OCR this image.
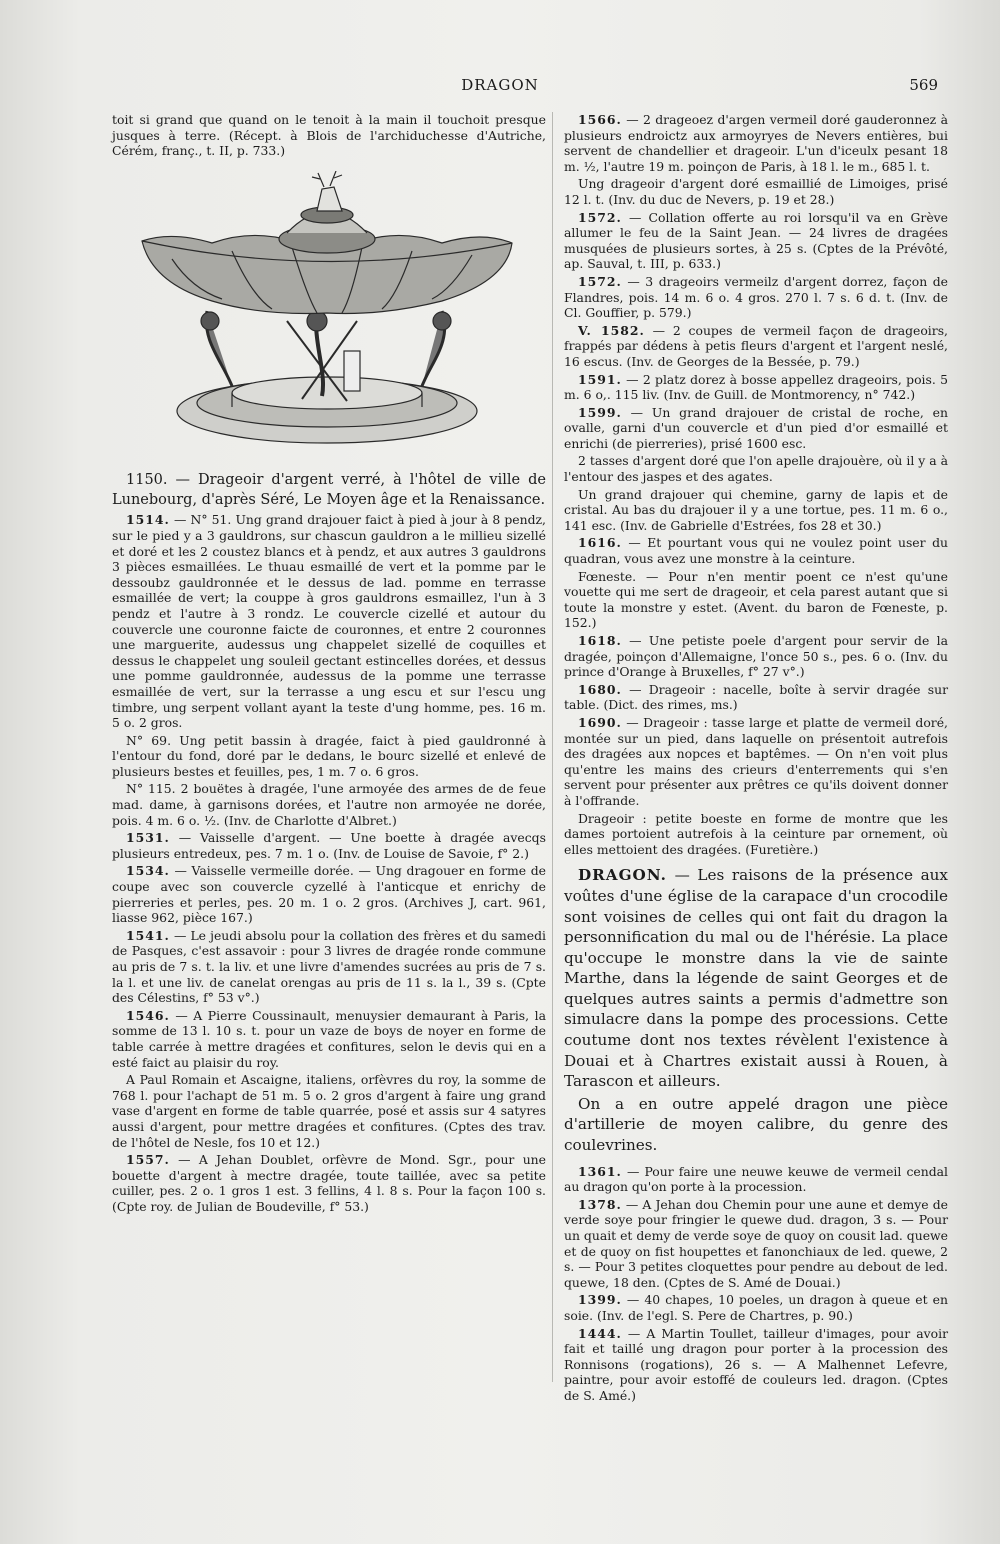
DRAGON	569

toit si grand que quand on le tenoit à la main il touchoit presque jusques à terre. (Récept. à Blois de l'archiduchesse d'Autriche, Cérém, franç., t. II, p. 733.)

1150. — Drageoir d'argent verré, à l'hôtel de ville de Lunebourg, d'après Séré, Le Moyen âge et la Renaissance.

1514. — N° 51. Ung grand drajouer faict à pied à jour à 8 pendz, sur le pied y a 3 gauldrons, sur chascun gauldron a le millieu sizellé et doré et les 2 coustez blancs et à pendz, et aux autres 3 gauldrons 3 pièces esmaillées. Le thuau esmaillé de vert et la pomme par le dessoubz gauldronnée et le dessus de lad. pomme en terrasse esmaillée de vert; la couppe à gros gauldrons esmaillez, l'un à 3 pendz et l'autre à 3 rondz. Le couvercle cizellé et autour du couvercle une couronne faicte de couronnes, et entre 2 couronnes une marguerite, audessus ung chappelet sizellé de coquilles et dessus le chappelet ung souleil gectant estincelles dorées, et dessus une pomme gauldronnée, audessus de la pomme une terrasse esmaillée de vert, sur la terrasse a ung escu et sur l'escu ung timbre, ung serpent vollant ayant la teste d'ung homme, pes. 16 m. 5 o. 2 gros.

N° 69. Ung petit bassin à dragée, faict à pied gauldronné à l'entour du fond, doré par le dedans, le bourc sizellé et enlevé de plusieurs bestes et feuilles, pes, 1 m. 7 o. 6 gros.

N° 115. 2 bouëtes à dragée, l'une armoyée des armes de de feue mad. dame, à garnisons dorées, et l'autre non armoyée ne dorée, pois. 4 m. 6 o. ½. (Inv. de Charlotte d'Albret.)

1531. — Vaisselle d'argent. — Une boette à dragée avecqs plusieurs entredeux, pes. 7 m. 1 o. (Inv. de Louise de Savoie, f° 2.)

1534. — Vaisselle vermeille dorée. — Ung dragouer en forme de coupe avec son couvercle cyzellé à l'anticque et enrichy de pierreries et perles, pes. 20 m. 1 o. 2 gros. (Archives J, cart. 961, liasse 962, pièce 167.)

1541. — Le jeudi absolu pour la collation des frères et du samedi de Pasques, c'est assavoir : pour 3 livres de dragée ronde commune au pris de 7 s. t. la liv. et une livre d'amendes sucrées au pris de 7 s. la l. et une liv. de canelat orengas au pris de 11 s. la l., 39 s. (Cpte des Célestins, f° 53 v°.)

1546. — A Pierre Coussinault, menuysier demaurant à Paris, la somme de 13 l. 10 s. t. pour un vaze de boys de noyer en forme de table carrée à mettre dragées et confitures, selon le devis qui en a esté faict au plaisir du roy.

A Paul Romain et Ascaigne, italiens, orfèvres du roy, la somme de 768 l. pour l'achapt de 51 m. 5 o. 2 gros d'argent à faire ung grand vase d'argent en forme de table quarrée, posé et assis sur 4 satyres aussi d'argent, pour mettre dragées et confitures. (Cptes des trav. de l'hôtel de Nesle, fos 10 et 12.)

1557. — A Jehan Doublet, orfèvre de Mond. Sgr., pour une bouette d'argent à mectre dragée, toute taillée, avec sa petite cuiller, pes. 2 o. 1 gros 1 est. 3 fellins, 4 l. 8 s. Pour la façon 100 s. (Cpte roy. de Julian de Boudeville, f° 53.)

1566. — 2 drageoez d'argen vermeil doré gauderonnez à plusieurs endroictz aux armoyryes de Nevers entières, bui servent de chandellier et drageoir. L'un d'iceulx pesant 18 m. ½, l'autre 19 m. poinçon de Paris, à 18 l. le m., 685 l. t.

Ung drageoir d'argent doré esmaillié de Limoiges, prisé 12 l. t. (Inv. du duc de Nevers, p. 19 et 28.)

1572. — Collation offerte au roi lorsqu'il va en Grève allumer le feu de la Saint Jean. — 24 livres de dragées musquées de plusieurs sortes, à 25 s. (Cptes de la Prévôté, ap. Sauval, t. III, p. 633.)

1572. — 3 drageoirs vermeilz d'argent dorrez, façon de Flandres, pois. 14 m. 6 o. 4 gros. 270 l. 7 s. 6 d. t. (Inv. de Cl. Gouffier, p. 579.)

V. 1582. — 2 coupes de vermeil façon de drageoirs, frappés par dédens à petis fleurs d'argent et l'argent neslé, 16 escus. (Inv. de Georges de la Bessée, p. 79.)

1591. — 2 platz dorez à bosse appellez drageoirs, pois. 5 m. 6 o,. 115 liv. (Inv. de Guill. de Montmorency, n° 742.)

1599. — Un grand drajouer de cristal de roche, en ovalle, garni d'un couvercle et d'un pied d'or esmaillé et enrichi (de pierreries), prisé 1600 esc.

2 tasses d'argent doré que l'on apelle drajouère, où il y a à l'entour des jaspes et des agates.

Un grand drajouer qui chemine, garny de lapis et de cristal. Au bas du drajouer il y a une tortue, pes. 11 m. 6 o., 141 esc. (Inv. de Gabrielle d'Estrées, fos 28 et 30.)

1616. — Et pourtant vous qui ne voulez point user du quadran, vous avez une monstre à la ceinture.

Fœneste. — Pour n'en mentir poent ce n'est qu'une vouette qui me sert de drageoir, et cela parest autant que si toute la monstre y estet. (Avent. du baron de Fœneste, p. 152.)

1618. — Une petiste poele d'argent pour servir de la dragée, poinçon d'Allemaigne, l'once 50 s., pes. 6 o. (Inv. du prince d'Orange à Bruxelles, f° 27 v°.)

1680. — Drageoir : nacelle, boîte à servir dragée sur table. (Dict. des rimes, ms.)

1690. — Drageoir : tasse large et platte de vermeil doré, montée sur un pied, dans laquelle on présentoit autrefois des dragées aux nopces et baptêmes. — On n'en voit plus qu'entre les mains des crieurs d'enterrements qui s'en servent pour présenter aux prêtres ce qu'ils doivent donner à l'offrande.

Drageoir : petite boeste en forme de montre que les dames portoient autrefois à la ceinture par ornement, où elles mettoient des dragées. (Furetière.)

DRAGON. — Les raisons de la présence aux voûtes d'une église de la carapace d'un crocodile sont voisines de celles qui ont fait du dragon la personnification du mal ou de l'hérésie. La place qu'occupe le monstre dans la vie de sainte Marthe, dans la légende de saint Georges et de quelques autres saints a permis d'admettre son simulacre dans la pompe des processions. Cette coutume dont nos textes révèlent l'existence à Douai et à Chartres existait aussi à Rouen, à Tarascon et ailleurs.

On a en outre appelé dragon une pièce d'artillerie de moyen calibre, du genre des coulevrines.

1361. — Pour faire une neuwe keuwe de vermeil cendal au dragon qu'on porte à la procession.

1378. — A Jehan dou Chemin pour une aune et demye de verde soye pour fringier le quewe dud. dragon, 3 s. — Pour un quait et demy de verde soye de quoy on cousit lad. quewe et de quoy on fist houpettes et fanonchiaux de led. quewe, 2 s. — Pour 3 petites cloquettes pour pendre au debout de led. quewe, 18 den. (Cptes de S. Amé de Douai.)

1399. — 40 chapes, 10 poeles, un dragon à queue et en soie. (Inv. de l'egl. S. Pere de Chartres, p. 90.)

1444. — A Martin Toullet, tailleur d'images, pour avoir fait et taillé ung dragon pour porter à la procession des Ronnisons (rogations), 26 s. — A Malhennet Lefevre, paintre, pour avoir estoffé de couleurs led. dragon. (Cptes de S. Amé.)
